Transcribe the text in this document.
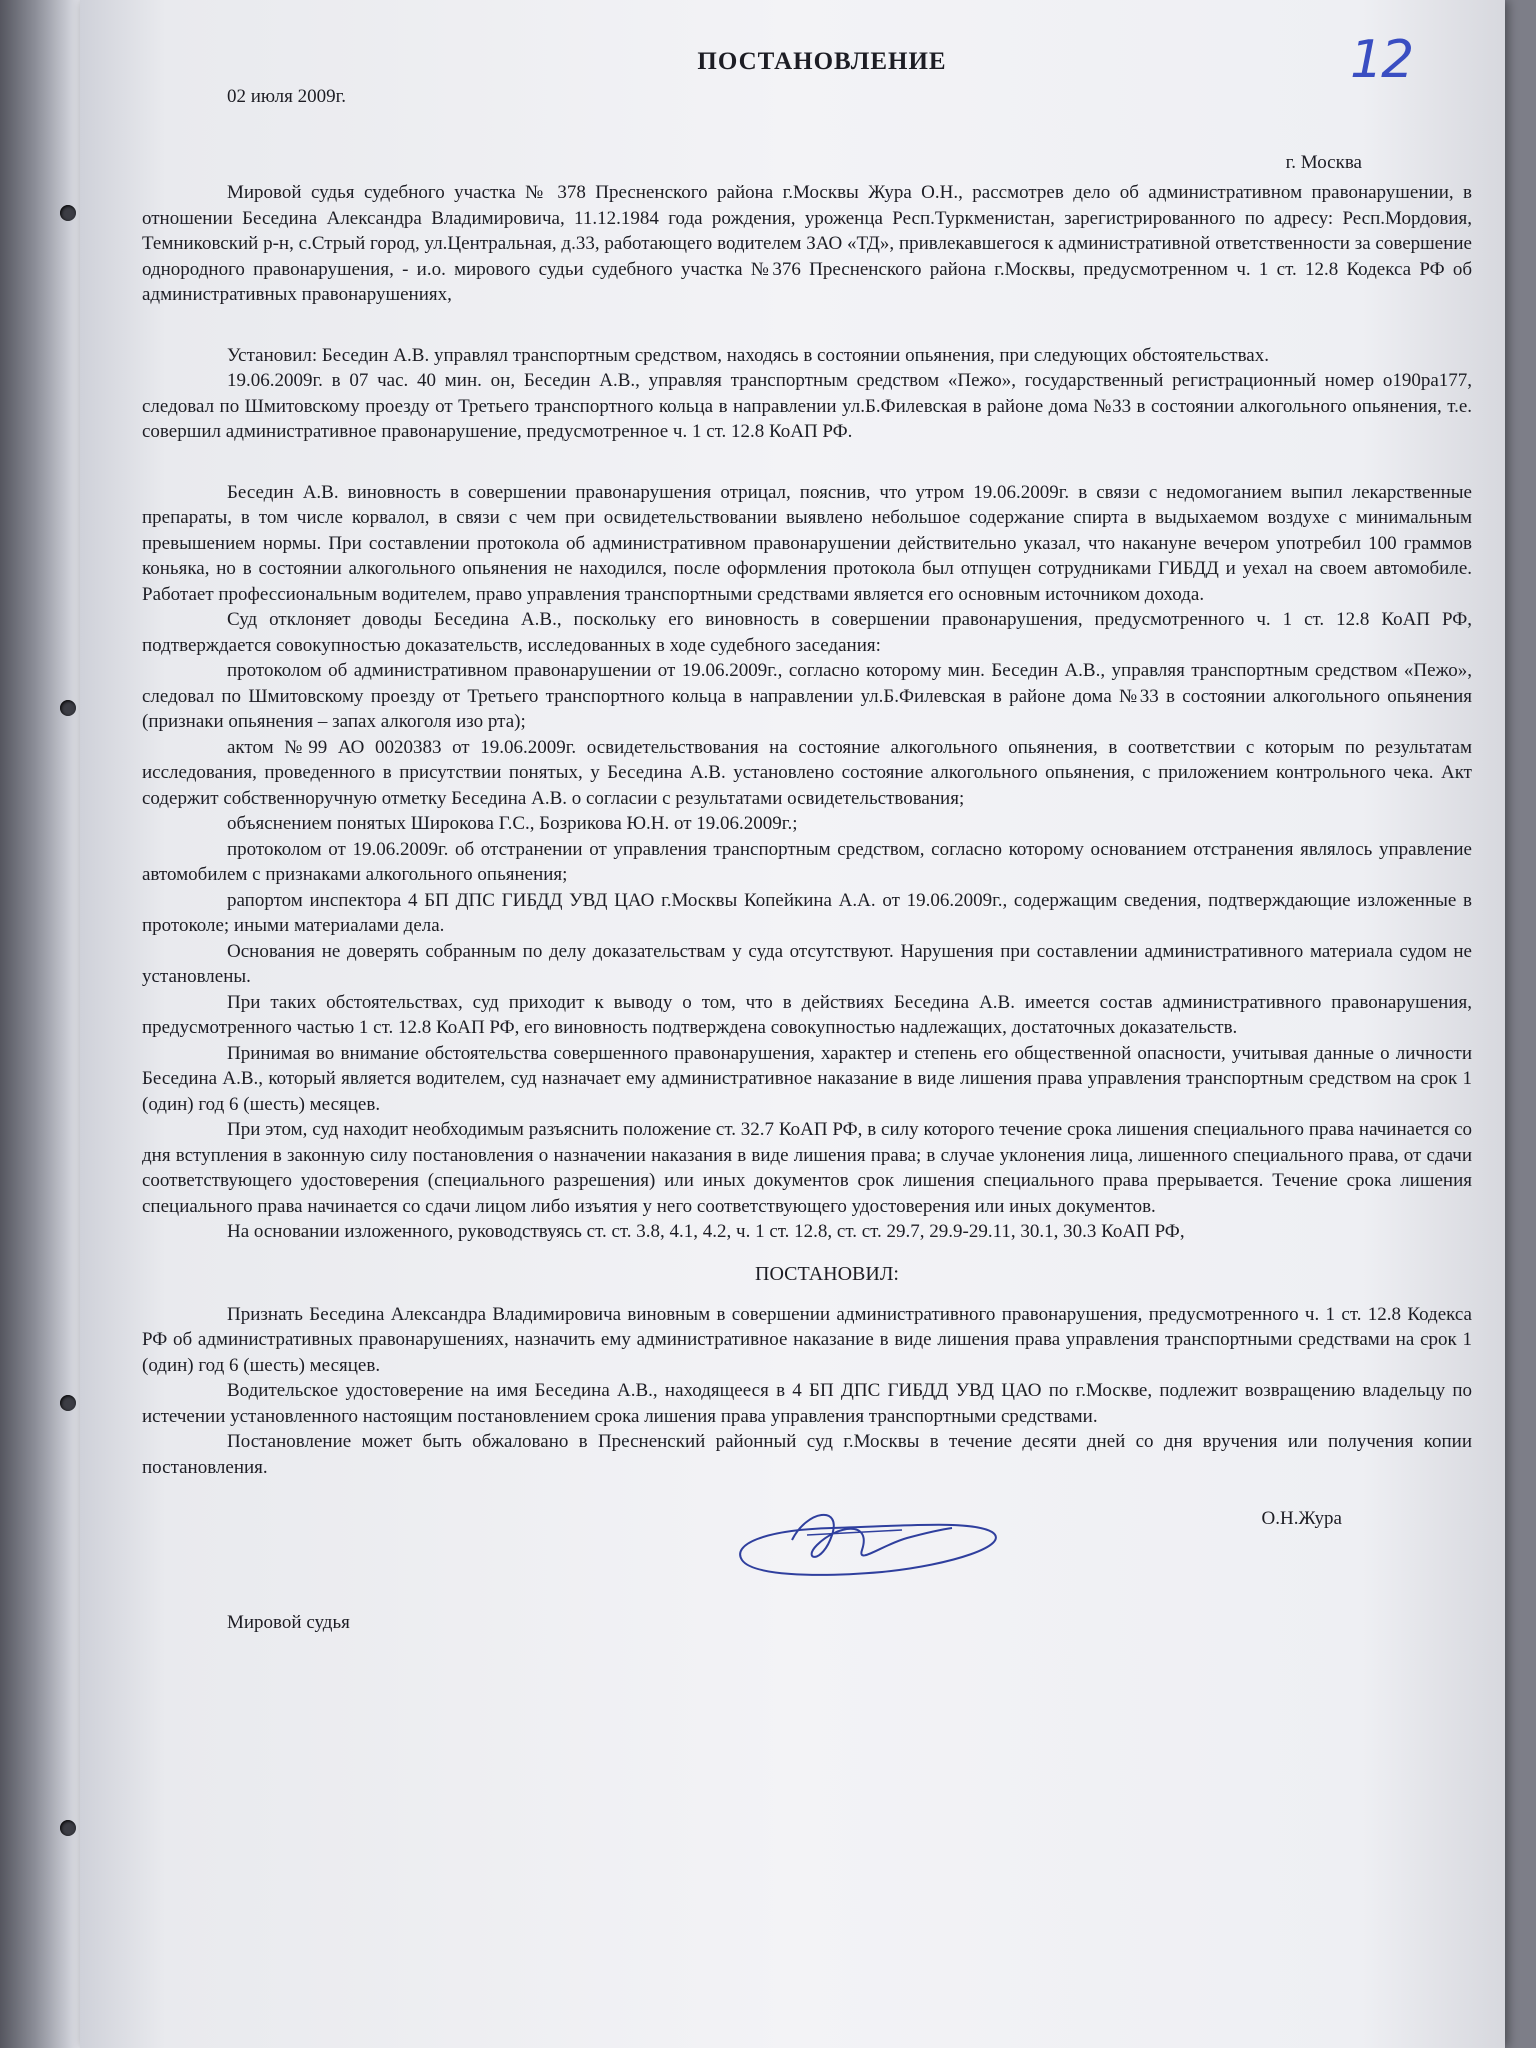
12
ПОСТАНОВЛЕНИЕ
02 июля 2009г.
г. Москва

Мировой судья судебного участка № 378 Пресненского района г.Москвы Жура О.Н., рассмотрев дело об административном правонарушении, в отношении Беседина Александра Владимировича, 11.12.1984 года рождения, уроженца Респ.Туркменистан, зарегистрированного по адресу: Респ.Мордовия, Темниковский р-н, с.Стрый город, ул.Центральная, д.33, работающего водителем ЗАО «ТД», привлекавшегося к административной ответственности за совершение однородного правонарушения, - и.о. мирового судьи судебного участка №376 Пресненского района г.Москвы, предусмотренном ч. 1 ст. 12.8 Кодекса РФ об административных правонарушениях,

Установил: Беседин А.В. управлял транспортным средством, находясь в состоянии опьянения, при следующих обстоятельствах.

19.06.2009г. в 07 час. 40 мин. он, Беседин А.В., управляя транспортным средством «Пежо», государственный регистрационный номер о190ра177, следовал по Шмитовскому проезду от Третьего транспортного кольца в направлении ул.Б.Филевская в районе дома №33 в состоянии алкогольного опьянения, т.е. совершил административное правонарушение, предусмотренное ч. 1 ст. 12.8 КоАП РФ.

Беседин А.В. виновность в совершении правонарушения отрицал, пояснив, что утром 19.06.2009г. в связи с недомоганием выпил лекарственные препараты, в том числе корвалол, в связи с чем при освидетельствовании выявлено небольшое содержание спирта в выдыхаемом воздухе с минимальным превышением нормы. При составлении протокола об административном правонарушении действительно указал, что накануне вечером употребил 100 граммов коньяка, но в состоянии алкогольного опьянения не находился, после оформления протокола был отпущен сотрудниками ГИБДД и уехал на своем автомобиле. Работает профессиональным водителем, право управления транспортными средствами является его основным источником дохода.

Суд отклоняет доводы Беседина А.В., поскольку его виновность в совершении правонарушения, предусмотренного ч. 1 ст. 12.8 КоАП РФ, подтверждается совокупностью доказательств, исследованных в ходе судебного заседания:

протоколом об административном правонарушении от 19.06.2009г., согласно которому мин. Беседин А.В., управляя транспортным средством «Пежо», следовал по Шмитовскому проезду от Третьего транспортного кольца в направлении ул.Б.Филевская в районе дома №33 в состоянии алкогольного опьянения (признаки опьянения – запах алкоголя изо рта);

актом №99 АО 0020383 от 19.06.2009г. освидетельствования на состояние алкогольного опьянения, в соответствии с которым по результатам исследования, проведенного в присутствии понятых, у Беседина А.В. установлено состояние алкогольного опьянения, с приложением контрольного чека. Акт содержит собственноручную отметку Беседина А.В. о согласии с результатами освидетельствования;

объяснением понятых Широкова Г.С., Бозрикова Ю.Н. от 19.06.2009г.;

протоколом от 19.06.2009г. об отстранении от управления транспортным средством, согласно которому основанием отстранения являлось управление автомобилем с признаками алкогольного опьянения;

рапортом инспектора 4 БП ДПС ГИБДД УВД ЦАО г.Москвы Копейкина А.А. от 19.06.2009г., содержащим сведения, подтверждающие изложенные в протоколе; иными материалами дела.

Основания не доверять собранным по делу доказательствам у суда отсутствуют. Нарушения при составлении административного материала судом не установлены.

При таких обстоятельствах, суд приходит к выводу о том, что в действиях Беседина А.В. имеется состав административного правонарушения, предусмотренного частью 1 ст. 12.8 КоАП РФ, его виновность подтверждена совокупностью надлежащих, достаточных доказательств.

Принимая во внимание обстоятельства совершенного правонарушения, характер и степень его общественной опасности, учитывая данные о личности Беседина А.В., который является водителем, суд назначает ему административное наказание в виде лишения права управления транспортным средством на срок 1 (один) год 6 (шесть) месяцев.

При этом, суд находит необходимым разъяснить положение ст. 32.7 КоАП РФ, в силу которого течение срока лишения специального права начинается со дня вступления в законную силу постановления о назначении наказания в виде лишения права; в случае уклонения лица, лишенного специального права, от сдачи соответствующего удостоверения (специального разрешения) или иных документов срок лишения специального права прерывается. Течение срока лишения специального права начинается со сдачи лицом либо изъятия у него соответствующего удостоверения или иных документов.

На основании изложенного, руководствуясь ст. ст. 3.8, 4.1, 4.2, ч. 1 ст. 12.8, ст. ст. 29.7, 29.9-29.11, 30.1, 30.3 КоАП РФ,

ПОСТАНОВИЛ:

Признать Беседина Александра Владимировича виновным в совершении административного правонарушения, предусмотренного ч. 1 ст. 12.8 Кодекса РФ об административных правонарушениях, назначить ему административное наказание в виде лишения права управления транспортными средствами на срок 1 (один) год 6 (шесть) месяцев.

Водительское удостоверение на имя Беседина А.В., находящееся в 4 БП ДПС ГИБДД УВД ЦАО по г.Москве, подлежит возвращению владельцу по истечении установленного настоящим постановлением срока лишения права управления транспортными средствами.

Постановление может быть обжаловано в Пресненский районный суд г.Москвы в течение десяти дней со дня вручения или получения копии постановления.

О.Н.Жура
Мировой судья
